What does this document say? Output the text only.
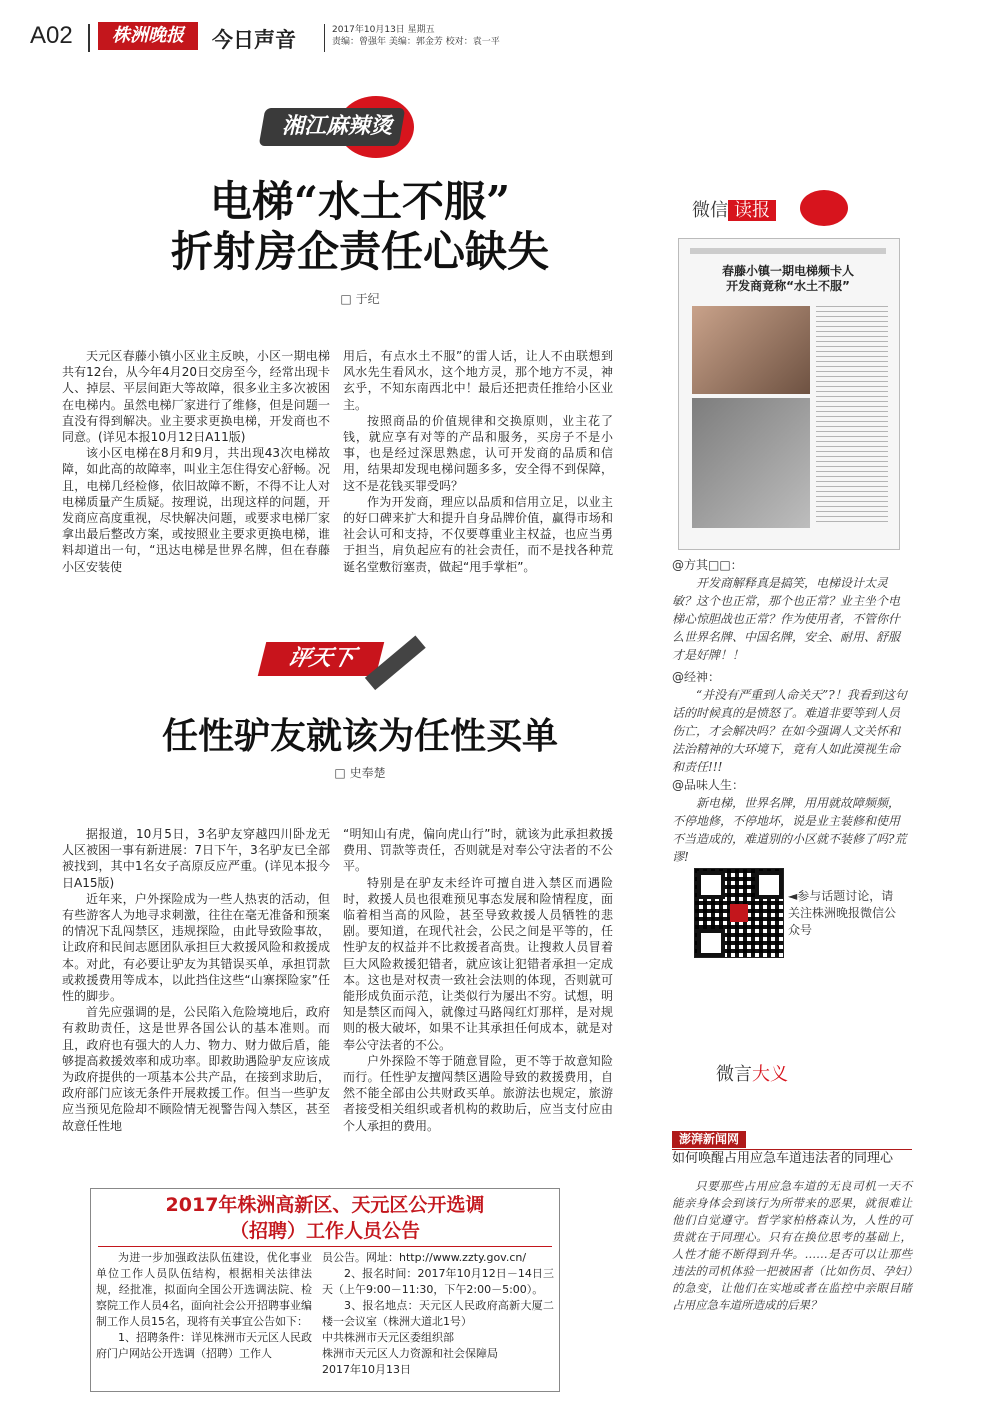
A02	株洲晚报	今日声音	2017年10月13日 星期五
责编：曾强年 美编：郭金芳 校对：袁一平
湘江麻辣烫
电梯“水土不服”
折射房企责任心缺失
□ 于纪

天元区春藤小镇小区业主反映，小区一期电梯共有12台，从今年4月20日交房至今，经常出现卡人、掉层、平层间距大等故障，很多业主多次被困在电梯内。虽然电梯厂家进行了维修，但是问题一直没有得到解决。业主要求更换电梯，开发商也不同意。(详见本报10月12日A11版)

该小区电梯在8月和9月，共出现43次电梯故障，如此高的故障率，叫业主怎住得安心舒畅。况且，电梯几经检修，依旧故障不断，不得不让人对电梯质量产生质疑。按理说，出现这样的问题，开发商应高度重视，尽快解决问题，或要求电梯厂家拿出最后整改方案，或按照业主要求更换电梯，谁料却道出一句，“迅达电梯是世界名牌，但在春藤小区安装使

用后，有点水土不服”的雷人话，让人不由联想到风水先生看风水，这个地方灵，那个地方不灵，神玄乎，不知东南西北中！最后还把责任推给小区业主。

按照商品的价值规律和交换原则，业主花了钱，就应享有对等的产品和服务，买房子不是小事，也是经过深思熟虑，认可开发商的品质和信用，结果却发现电梯问题多多，安全得不到保障，这不是花钱买罪受吗？

作为开发商，理应以品质和信用立足，以业主的好口碑来扩大和提升自身品牌价值，赢得市场和社会认可和支持，不仅要尊重业主权益，也应当勇于担当，肩负起应有的社会责任，而不是找各种荒诞名堂敷衍塞责，做起“甩手掌柜”。

评天下
任性驴友就该为任性买单
□ 史奉楚

据报道，10月5日，3名驴友穿越四川卧龙无人区被困一事有新进展：7日下午，3名驴友已全部被找到，其中1名女子高原反应严重。(详见本报今日A15版)

近年来，户外探险成为一些人热衷的活动，但有些游客人为地寻求刺激，往往在毫无准备和预案的情况下乱闯禁区，违规探险，由此导致险事故，让政府和民间志愿团队承担巨大救援风险和救援成本。对此，有必要让驴友为其错误买单，承担罚款或救援费用等成本，以此挡住这些“山寨探险家”任性的脚步。

首先应强调的是，公民陷入危险境地后，政府有救助责任，这是世界各国公认的基本准则。而且，政府也有强大的人力、物力、财力做后盾，能够提高救援效率和成功率。即救助遇险驴友应该成为政府提供的一项基本公共产品，在接到求助后，政府部门应该无条件开展救援工作。但当一些驴友应当预见危险却不顾险情无视警告闯入禁区，甚至故意任性地

“明知山有虎，偏向虎山行”时，就该为此承担救援费用、罚款等责任，否则就是对奉公守法者的不公平。

特别是在驴友未经许可擅自进入禁区而遇险时，救援人员也很难预见事态发展和险情程度，面临着相当高的风险，甚至导致救援人员牺牲的悲剧。要知道，在现代社会，公民之间是平等的，任性驴友的权益并不比救援者高贵。让搜救人员冒着巨大风险救援犯错者，就应该让犯错者承担一定成本。这也是对权责一致社会法则的体现，否则就可能形成负面示范，让类似行为屡出不穷。试想，明知是禁区而闯入，就像过马路闯红灯那样，是对规则的极大破坏，如果不让其承担任何成本，就是对奉公守法者的不公。

户外探险不等于随意冒险，更不等于故意知险而行。任性驴友擅闯禁区遇险导致的救援费用，自然不能全部由公共财政买单。旅游法也规定，旅游者接受相关组织或者机构的救助后，应当支付应由个人承担的费用。

微信 读报
春藤小镇一期电梯频卡人
开发商竟称“水土不服”
@方其□□：
开发商解释真是搞笑，电梯设计太灵敏？这个也正常，那个也正常？业主坐个电梯心惊胆战也正常？作为使用者，不管你什么世界名牌、中国名牌，安全、耐用、舒服才是好牌！！
@经神：
“并没有严重到人命关天”?！我看到这句话的时候真的是愤怒了。难道非要等到人员伤亡，才会解决吗？在如今强调人文关怀和法治精神的大环境下，竟有人如此漠视生命和责任!!!
@品味人生：
新电梯，世界名牌，用用就故障频频，不停地修，不停地坏，说是业主装修和使用不当造成的，难道别的小区就不装修了吗?荒谬!
◄参与话题讨论，请关注株洲晚报微信公众号
微言大义
澎湃新闻网
如何唤醒占用应急车道违法者的同理心

只要那些占用应急车道的无良司机一天不能亲身体会到该行为所带来的恶果，就很难让他们自觉遵守。哲学家柏格森认为，人性的可贵就在于同理心。只有在换位思考的基础上，人性才能不断得到升华。……是否可以让那些违法的司机体验一把被困者（比如伤员、孕妇）的急变，让他们在实地或者在监控中亲眼目睹占用应急车道所造成的后果？

2017年株洲高新区、天元区公开选调
（招聘）工作人员公告

为进一步加强政法队伍建设，优化事业单位工作人员队伍结构，根据相关法律法规，经批准，拟面向全国公开选调法院、检察院工作人员4名，面向社会公开招聘事业编制工作人员15名，现将有关事宜公告如下：

1、招聘条件：详见株洲市天元区人民政府门户网站公开选调（招聘）工作人

员公告。网址：http://www.zzty.gov.cn/

2、报名时间：2017年10月12日－14日三天（上午9:00－11:30，下午2:00－5:00）。

3、报名地点：天元区人民政府高新大厦二楼一会议室（株洲大道北1号）

中共株洲市天元区委组织部

株洲市天元区人力资源和社会保障局

2017年10月13日
